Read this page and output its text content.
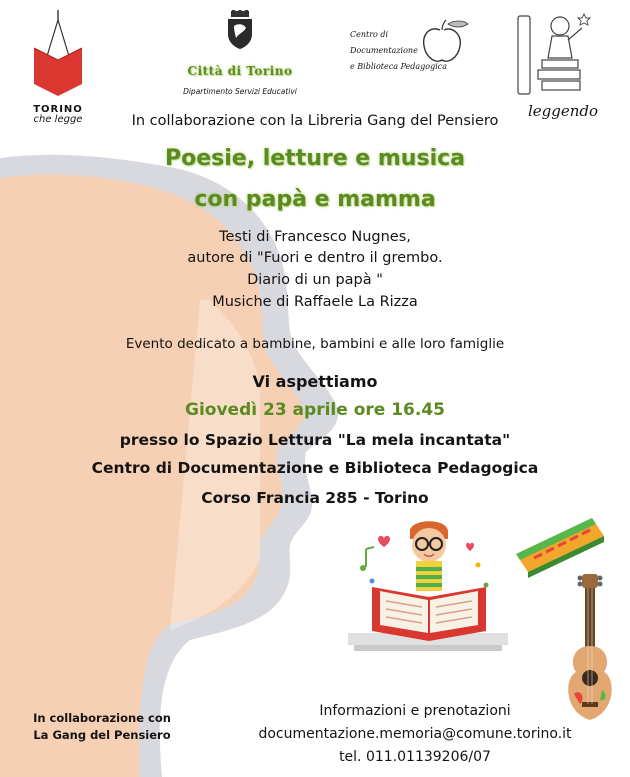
TORINO
che legge
Città di Torino
Dipartimento Servizi Educativi
Centro di
Documentazione
e Biblioteca Pedagogica
leggendo
In collaborazione con la Libreria Gang del Pensiero
Poesie, letture e musica
con papà e mamma
Testi di Francesco Nugnes,
autore di "Fuori e dentro il grembo.
Diario di un papà "
Musiche di Raffaele La Rizza
Evento dedicato a bambine, bambini e alle loro famiglie
Vi aspettiamo
Giovedì 23 aprile ore 16.45
presso lo Spazio Lettura "La mela incantata"
Centro di Documentazione e Biblioteca Pedagogica
Corso Francia 285 - Torino
In collaborazione con
La Gang del Pensiero
Informazioni e prenotazioni
documentazione.memoria@comune.torino.it
tel. 011.01139206/07
